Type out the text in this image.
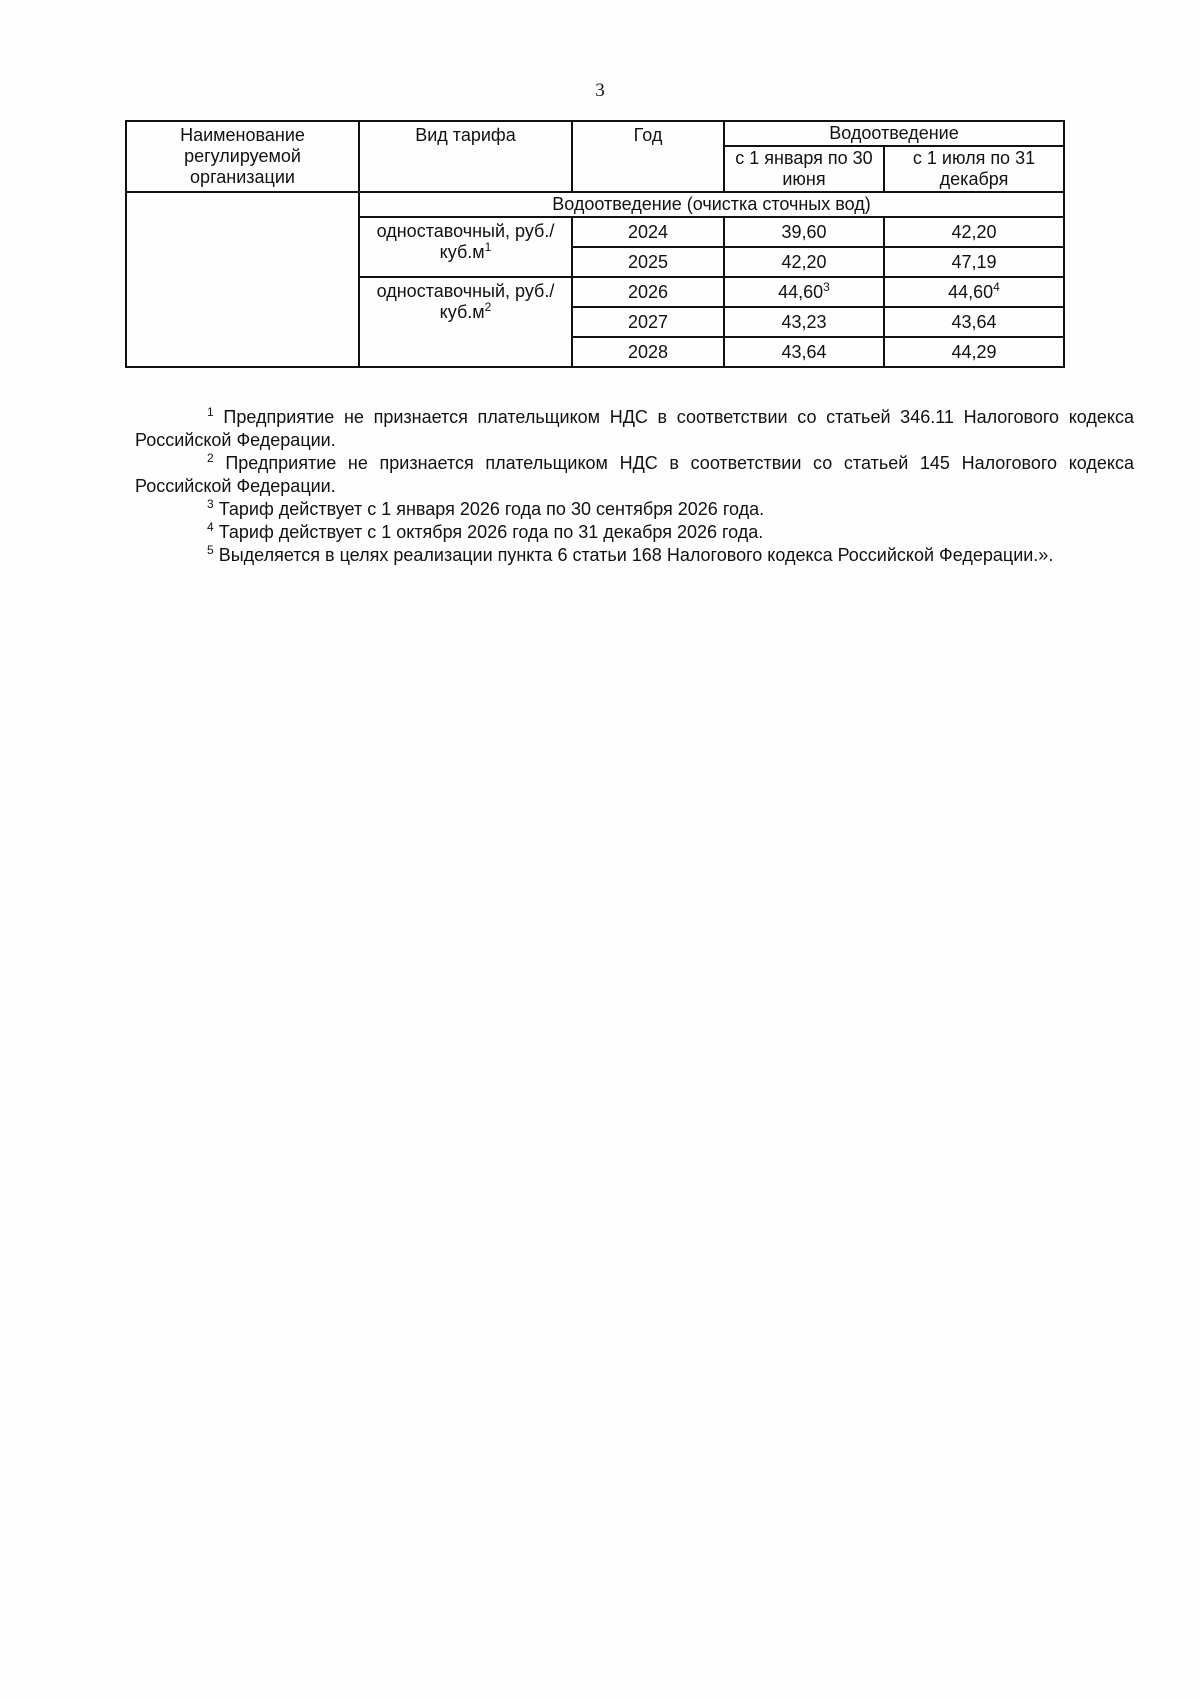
3
Наименование регулируемой организации	Вид тарифа	Год	Водоотведение	
			с 1 января по 30 июня	с 1 июля по 31 декабря
	Водоотведение (очистка сточных вод)			
	одноставочный, $руб./куб.м^1$	2024	39,60	42,20
		2025	42,20	47,19
	одноставочный, $руб./куб.м^2$	2026	44,60$^3$	44,60$^4$
		2027	43,23	43,64
		2028	43,64	44,29

$^1$ Предприятие не признается плательщиком НДС в соответствии со статьей 346.11 Налогового кодекса Российской Федерации.

$^2$ Предприятие не признается плательщиком НДС в соответствии со статьей 145 Налогового кодекса Российской Федерации.

$^3$ Тариф действует с 1 января 2026 года по 30 сентября 2026 года.

$^4$ Тариф действует с 1 октября 2026 года по 31 декабря 2026 года.

$^5$ Выделяется в целях реализации пункта 6 статьи 168 Налогового кодекса Российской Федерации.».
